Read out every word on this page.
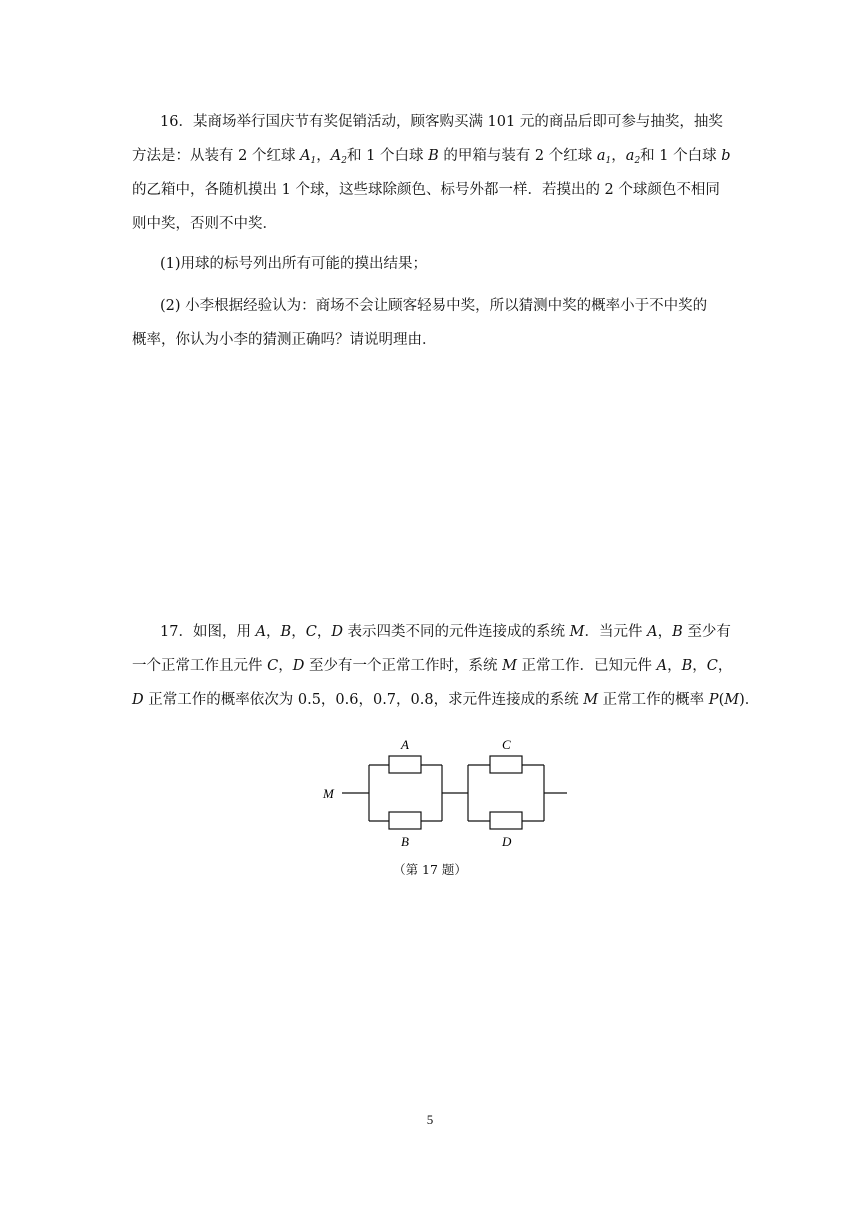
16．某商场举行国庆节有奖促销活动，顾客购买满 101 元的商品后即可参与抽奖，抽奖
方法是：从装有 2 个红球 $A_1$，$A_2$和 1 个白球 B 的甲箱与装有 2 个红球 $a_1$，$a_2$和 1 个白球 b
的乙箱中，各随机摸出 1 个球，这些球除颜色、标号外都一样．若摸出的 2 个球颜色不相同
则中奖，否则不中奖．
(1)用球的标号列出所有可能的摸出结果；
(2) 小李根据经验认为：商场不会让顾客轻易中奖，所以猜测中奖的概率小于不中奖的
概率，你认为小李的猜测正确吗？请说明理由．
17．如图，用 A，B，C，D 表示四类不同的元件连接成的系统 M．当元件 A，B 至少有
一个正常工作且元件 C，D 至少有一个正常工作时，系统 M 正常工作．已知元件 A，B，C，
D 正常工作的概率依次为 0.5，0.6，0.7，0.8，求元件连接成的系统 M 正常工作的概率 P(M)．
A
B
C
D
M
（第 17 题）
5
